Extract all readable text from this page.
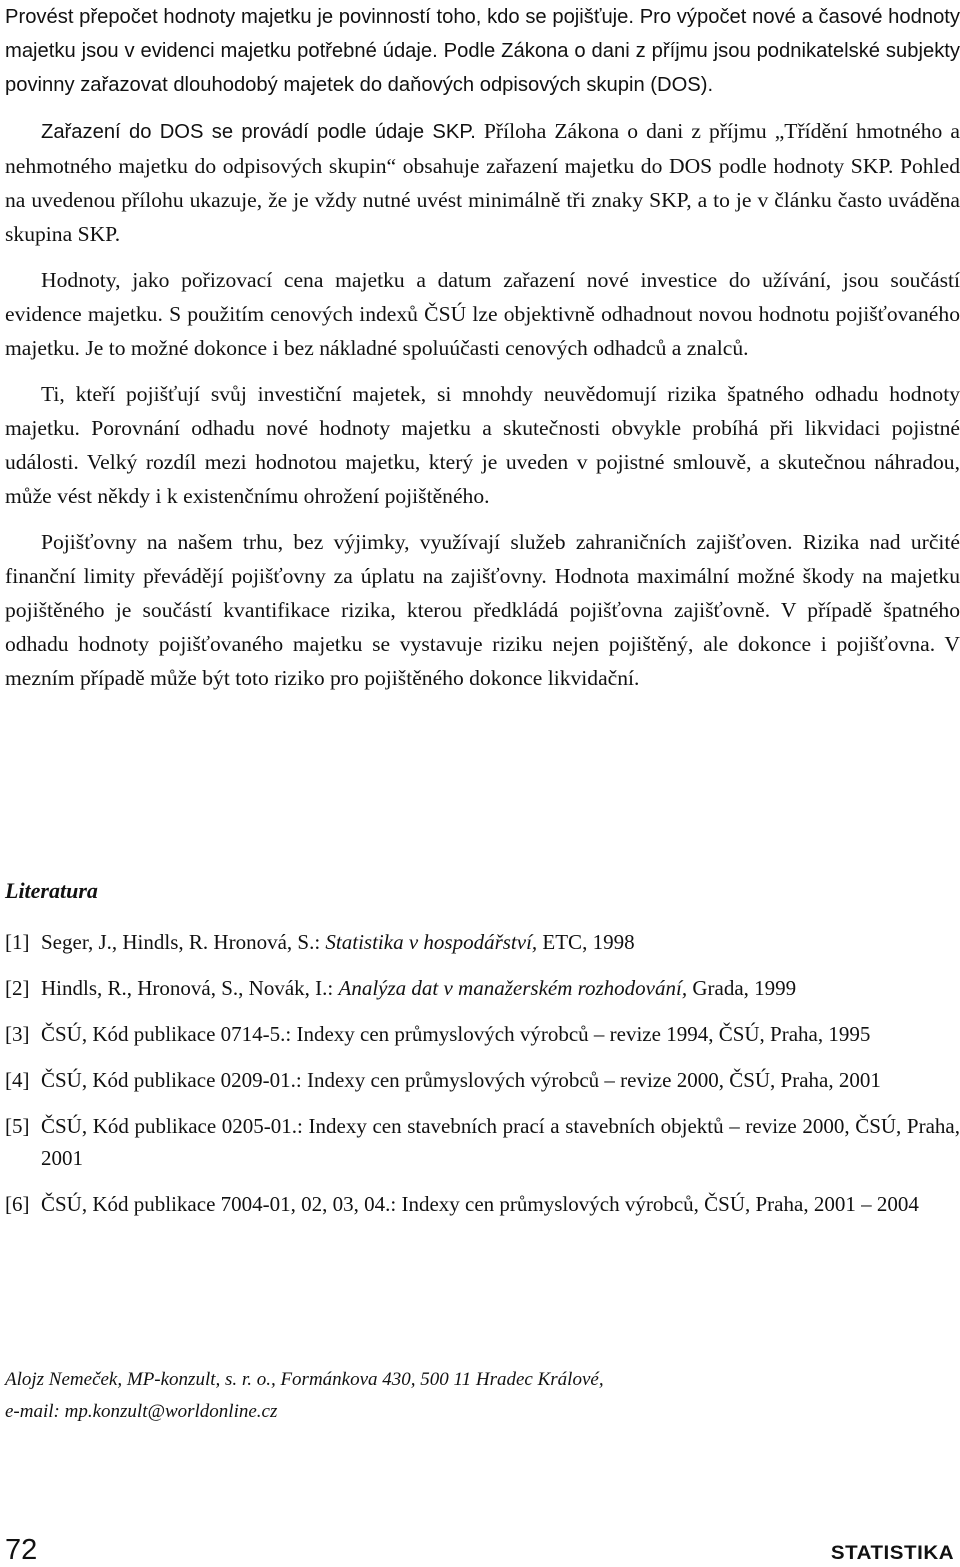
Provést přepočet hodnoty majetku je povinností toho, kdo se pojišťuje. Pro výpočet nové a časové hodnoty majetku jsou v evidenci majetku potřebné údaje. Podle Zákona o dani z příjmu jsou podnikatelské subjekty povinny zařazovat dlouhodobý majetek do daňových odpisových skupin (DOS).

Zařazení do DOS se provádí podle údaje SKP. Příloha Zákona o dani z příjmu „Třídění hmotného a nehmotného majetku do odpisových skupin“ obsahuje zařazení majetku do DOS podle hodnoty SKP. Pohled na uvedenou přílohu ukazuje, že je vždy nutné uvést minimálně tři znaky SKP, a to je v článku často uváděna skupina SKP.

Hodnoty, jako pořizovací cena majetku a datum zařazení nové investice do užívání, jsou součástí evidence majetku. S použitím cenových indexů ČSÚ lze objektivně odhadnout novou hodnotu pojišťovaného majetku. Je to možné dokonce i bez nákladné spoluúčasti cenových odhadců a znalců.

Ti, kteří pojišťují svůj investiční majetek, si mnohdy neuvědomují rizika špatného odhadu hodnoty majetku. Porovnání odhadu nové hodnoty majetku a skutečnosti obvykle probíhá při likvidaci pojistné události. Velký rozdíl mezi hodnotou majetku, který je uveden v pojistné smlouvě, a skutečnou náhradou, může vést někdy i k existenčnímu ohrožení pojištěného.

Pojišťovny na našem trhu, bez výjimky, využívají služeb zahraničních zajišťoven. Rizika nad určité finanční limity převádějí pojišťovny za úplatu na zajišťovny. Hodnota maximální možné škody na majetku pojištěného je součástí kvantifikace rizika, kterou předkládá pojišťovna zajišťovně. V případě špatného odhadu hodnoty pojišťovaného majetku se vystavuje riziku nejen pojištěný, ale dokonce i pojišťovna. V mezním případě může být toto riziko pro pojištěného dokonce likvidační.

Literatura
[1] Seger, J., Hindls, R. Hronová, S.: Statistika v hospodářství, ETC, 1998
[2] Hindls, R., Hronová, S., Novák, I.: Analýza dat v manažerském rozhodování, Grada, 1999
[3] ČSÚ, Kód publikace 0714-5.: Indexy cen průmyslových výrobců – revize 1994, ČSÚ, Praha, 1995
[4] ČSÚ, Kód publikace 0209-01.: Indexy cen průmyslových výrobců – revize 2000, ČSÚ, Praha, 2001
[5] ČSÚ, Kód publikace 0205-01.: Indexy cen stavebních prací a stavebních objektů – revize 2000, ČSÚ, Praha, 2001
[6] ČSÚ, Kód publikace 7004-01, 02, 03, 04.: Indexy cen průmyslových výrobců, ČSÚ, Praha, 2001 – 2004
Alojz Nemeček, MP-konzult, s. r. o., Formánkova 430, 500 11 Hradec Králové,
e-mail: mp.konzult@worldonline.cz
72	STATISTIKA
